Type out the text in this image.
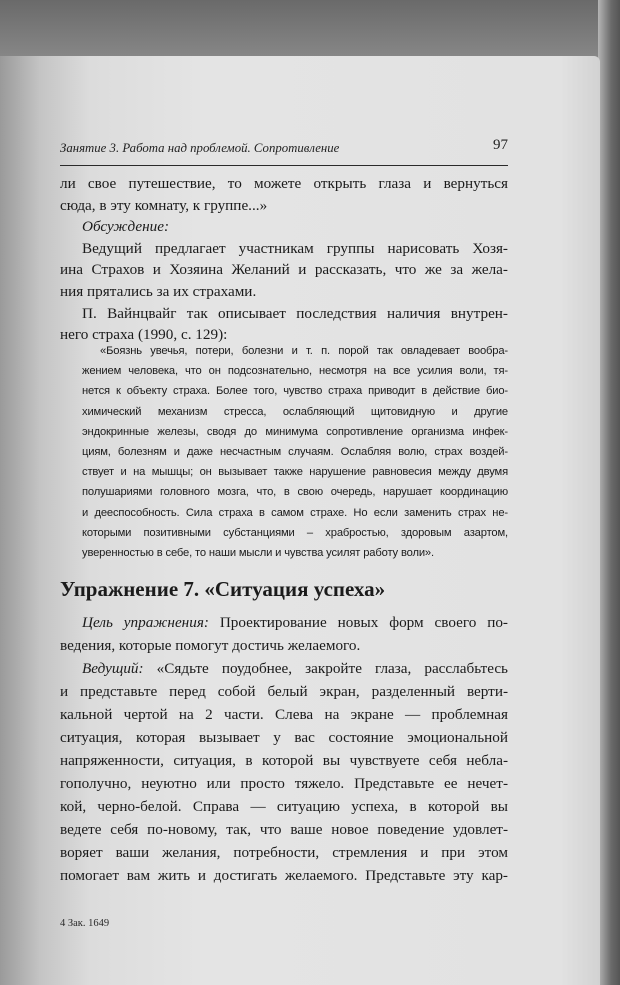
Занятие 3. Работа над проблемой. Сопротивление	97

ли свое путешествие, то можете открыть глаза и вернуться

сюда, в эту комнату, к группе...»

Обсуждение:

Ведущий предлагает участникам группы нарисовать Хозя-

ина Страхов и Хозяина Желаний и рассказать, что же за жела-

ния прятались за их страхами.

П. Вайнцвайг так описывает последствия наличия внутрен-

него страха (1990, с. 129):

«Боязнь увечья, потери, болезни и т. п. порой так овладевает вообра-

жением человека, что он подсознательно, несмотря на все усилия воли, тя-

нется к объекту страха. Более того, чувство страха приводит в действие био-

химический механизм стресса, ослабляющий щитовидную и другие

эндокринные железы, сводя до минимума сопротивление организма инфек-

циям, болезням и даже несчастным случаям. Ослабляя волю, страх воздей-

ствует и на мышцы; он вызывает также нарушение равновесия между двумя

полушариями головного мозга, что, в свою очередь, нарушает координацию

и дееспособность. Сила страха в самом страхе. Но если заменить страх не-

которыми позитивными субстанциями – храбростью, здоровым азартом,

уверенностью в себе, то наши мысли и чувства усилят работу воли».

Упражнение 7. «Ситуация успеха»

Цель упражнения: Проектирование новых форм своего по-

ведения, которые помогут достичь желаемого.

Ведущий: «Сядьте поудобнее, закройте глаза, расслабьтесь

и представьте перед собой белый экран, разделенный верти-

кальной чертой на 2 части. Слева на экране — проблемная

ситуация, которая вызывает у вас состояние эмоциональной

напряженности, ситуация, в которой вы чувствуете себя небла-

гополучно, неуютно или просто тяжело. Представьте ее нечет-

кой, черно-белой. Справа — ситуацию успеха, в которой вы

ведете себя по-новому, так, что ваше новое поведение удовлет-

воряет ваши желания, потребности, стремления и при этом

помогает вам жить и достигать желаемого. Представьте эту кар-

4 Зак. 1649
